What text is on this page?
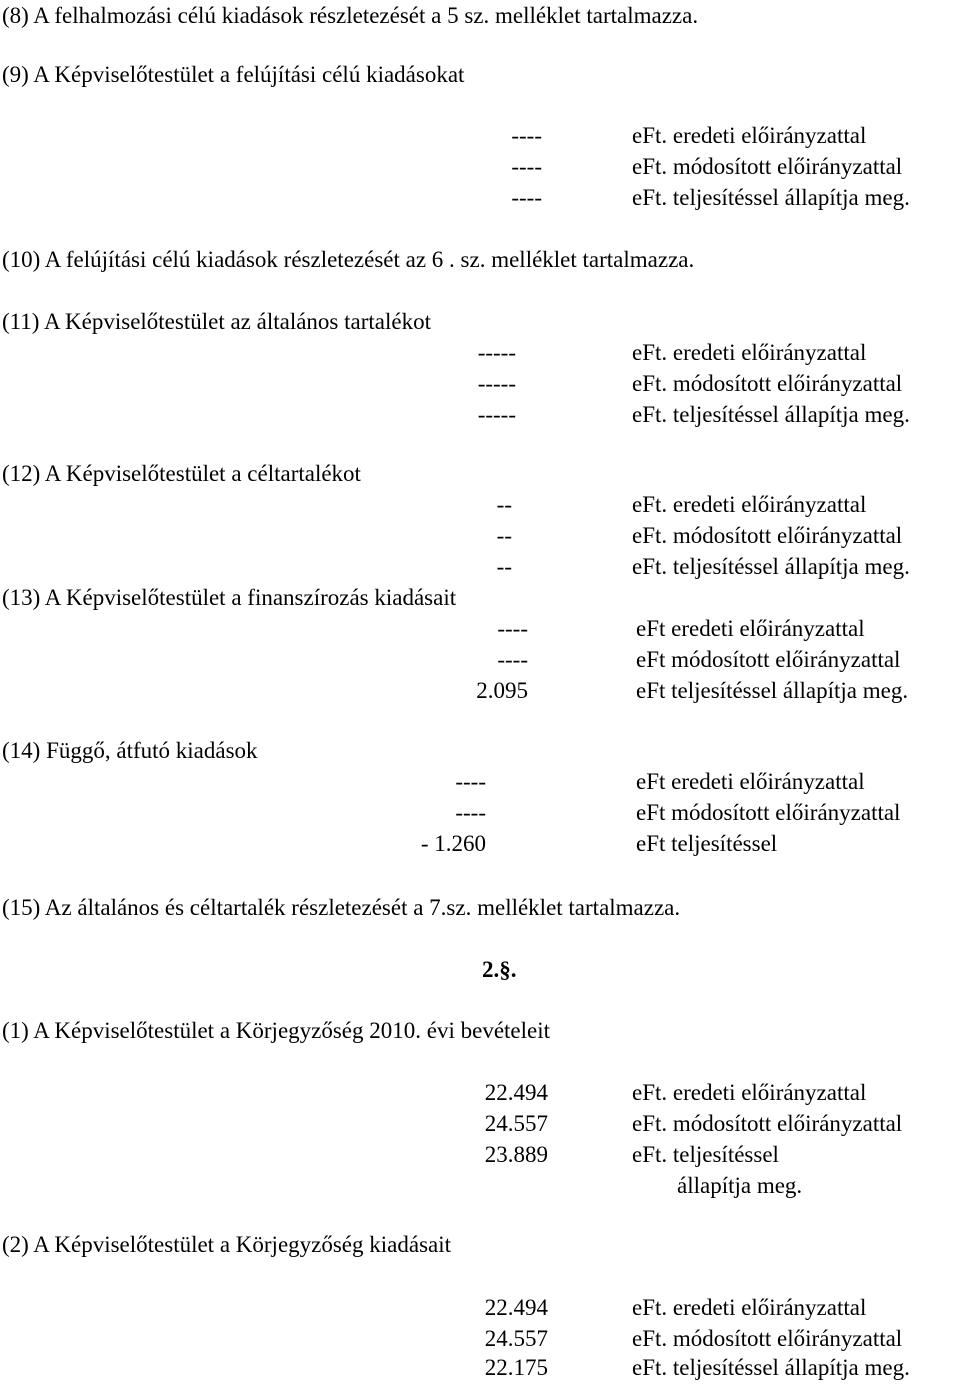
(8) A felhalmozási célú kiadások részletezését a 5 sz. melléklet tartalmazza.
(9) A Képviselőtestület a felújítási célú kiadásokat
(10) A felújítási célú kiadások részletezését az 6 . sz. melléklet tartalmazza.
(11) A Képviselőtestület az általános tartalékot
(12) A Képviselőtestület a céltartalékot
(13) A Képviselőtestület a finanszírozás kiadásait
(14) Függő, átfutó kiadások
(15) Az általános és céltartalék részletezését a 7.sz. melléklet tartalmazza.
2.§.
(1) A Képviselőtestület a Körjegyzőség 2010. évi bevételeit
(2) A Képviselőtestület a Körjegyzőség kiadásait
----	eFt. eredeti előirányzattal
----	eFt. módosított előirányzattal
----	eFt. teljesítéssel állapítja meg.
-----	eFt. eredeti előirányzattal
-----	eFt. módosított előirányzattal
-----	eFt. teljesítéssel állapítja meg.
--	eFt. eredeti előirányzattal
--	eFt. módosított előirányzattal
--	eFt. teljesítéssel állapítja meg.
----	eFt eredeti előirányzattal
----	eFt módosított előirányzattal
2.095	eFt teljesítéssel állapítja meg.
----	eFt eredeti előirányzattal
----	eFt módosított előirányzattal
- 1.260	eFt teljesítéssel
22.494	eFt. eredeti előirányzattal
24.557	eFt. módosított előirányzattal
23.889	eFt. teljesítéssel
állapítja meg.
22.494	eFt. eredeti előirányzattal
24.557	eFt. módosított előirányzattal
22.175	eFt. teljesítéssel állapítja meg.
